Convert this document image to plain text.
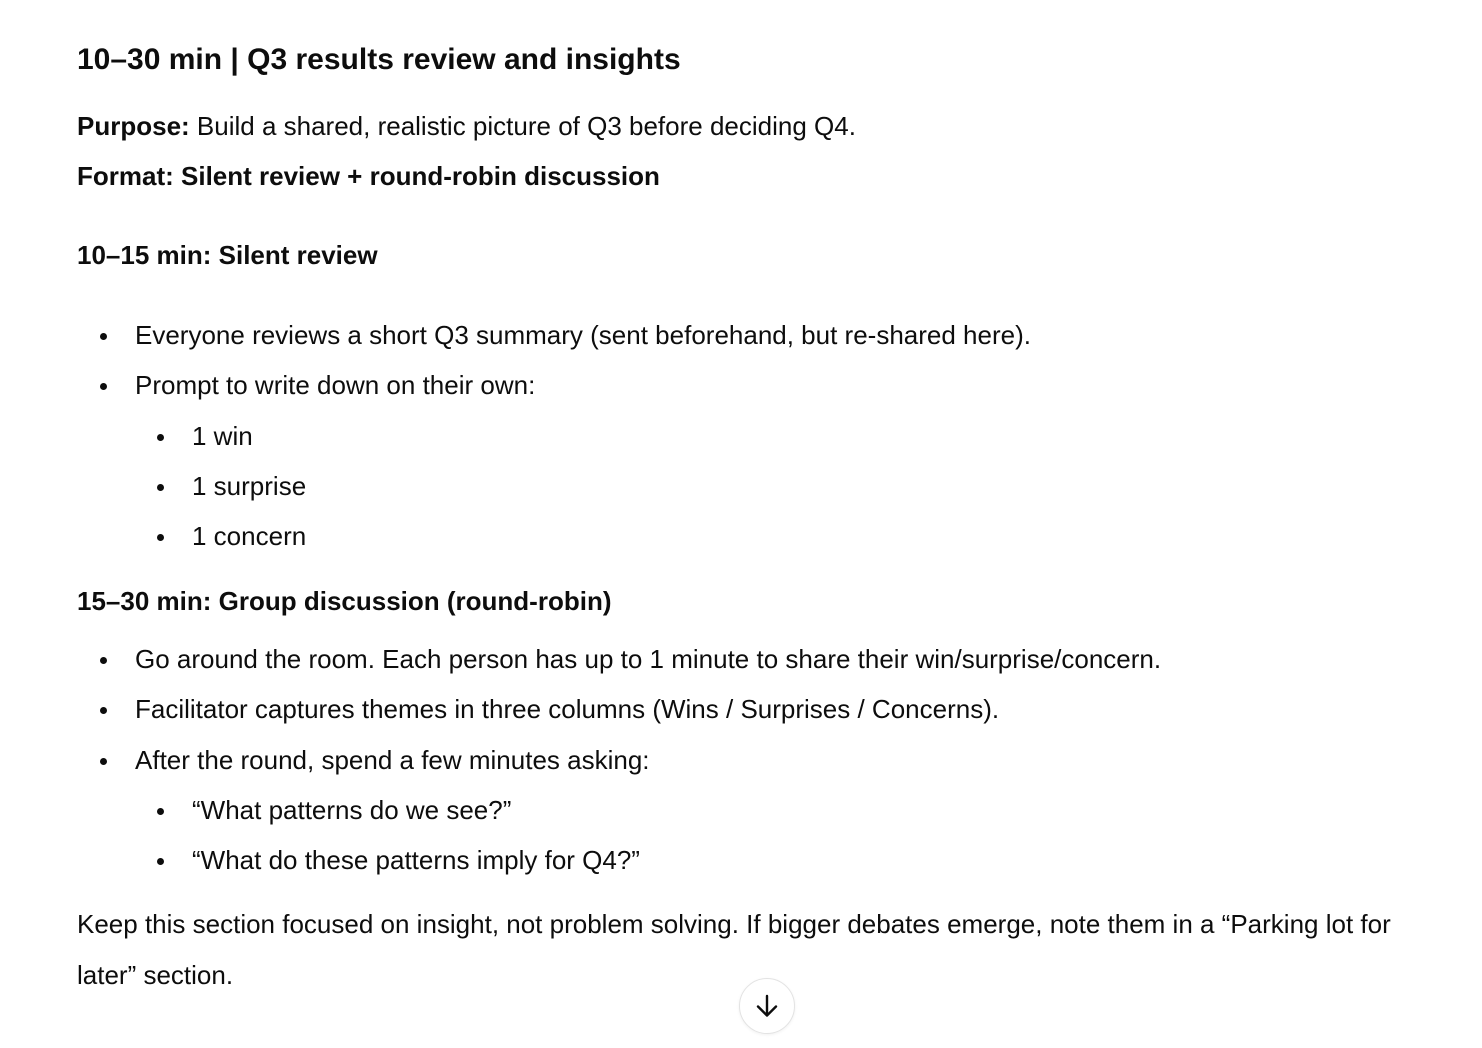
10–30 min | Q3 results review and insights
Purpose: Build a shared, realistic picture of Q3 before deciding Q4.
Format: Silent review + round-robin discussion
10–15 min: Silent review
Everyone reviews a short Q3 summary (sent beforehand, but re-shared here).
Prompt to write down on their own:
1 win
1 surprise
1 concern
15–30 min: Group discussion (round-robin)
Go around the room. Each person has up to 1 minute to share their win/surprise/concern.
Facilitator captures themes in three columns (Wins / Surprises / Concerns).
After the round, spend a few minutes asking:
“What patterns do we see?”
“What do these patterns imply for Q4?”

Keep this section focused on insight, not problem solving. If bigger debates emerge, note them in a “Parking lot for later” section.
